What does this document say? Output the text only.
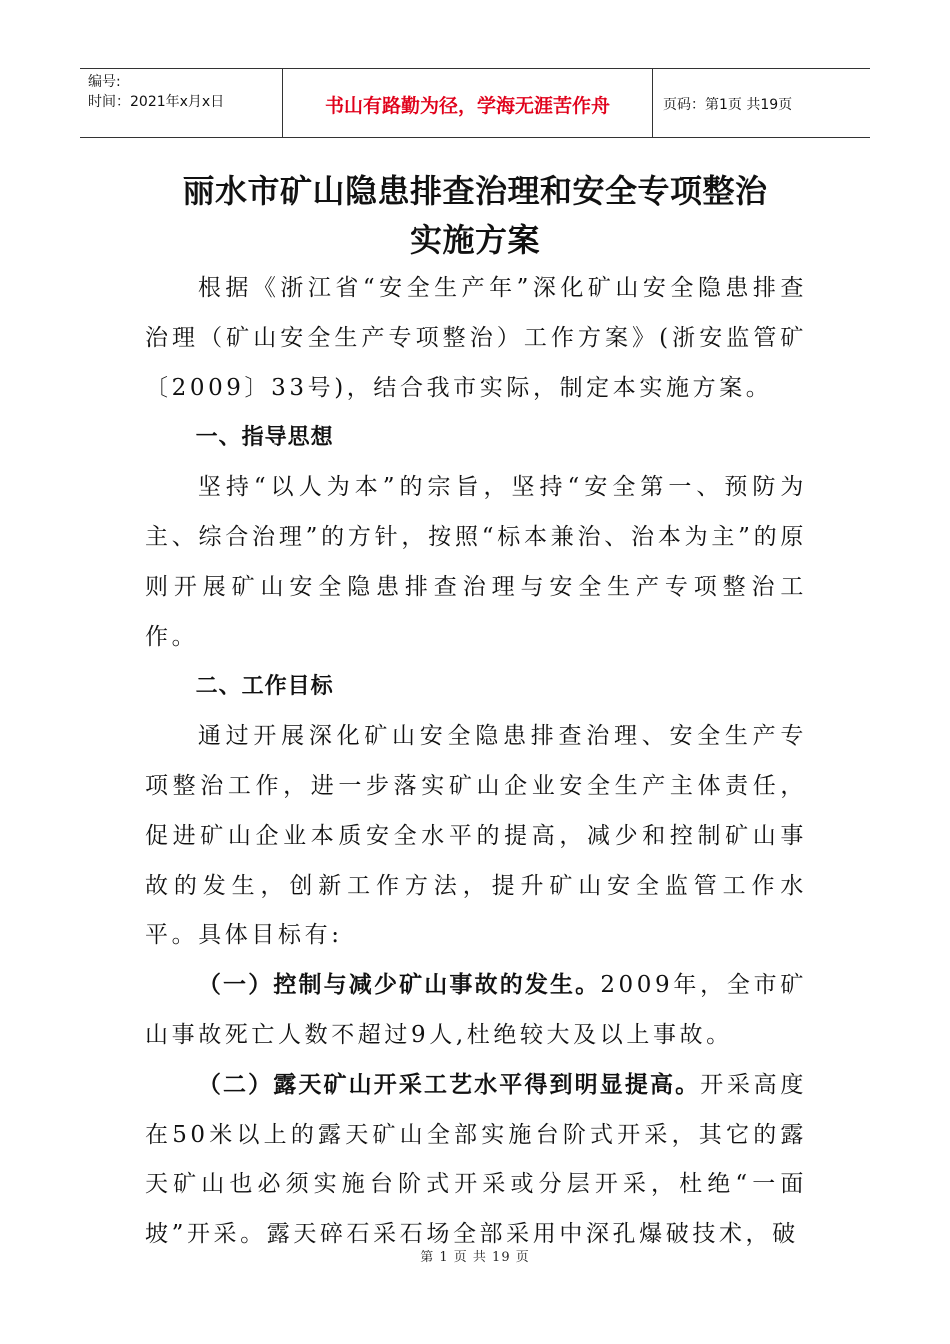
编号:
时间：2021年x月x日	书山有路勤为径，学海无涯苦作舟	页码：第1页 共19页
丽水市矿山隐患排查治理和安全专项整治
实施方案

根据《浙江省“安全生产年”深化矿山安全隐患排查治理（矿山安全生产专项整治）工作方案》(浙安监管矿〔2009〕33号)，结合我市实际，制定本实施方案。

一、指导思想

坚持“以人为本”的宗旨，坚持“安全第一、预防为主、综合治理”的方针，按照“标本兼治、治本为主”的原则开展矿山安全隐患排查治理与安全生产专项整治工作。

二、工作目标

通过开展深化矿山安全隐患排查治理、安全生产专项整治工作，进一步落实矿山企业安全生产主体责任，促进矿山企业本质安全水平的提高，减少和控制矿山事故的发生，创新工作方法，提升矿山安全监管工作水平。具体目标有:

（一）控制与减少矿山事故的发生。2009年，全市矿山事故死亡人数不超过9人,杜绝较大及以上事故。

（二）露天矿山开采工艺水平得到明显提高。开采高度在50米以上的露天矿山全部实施台阶式开采，其它的露天矿山也必须实施台阶式开采或分层开采，杜绝“一面坡”开采。露天碎石采石场全部采用中深孔爆破技术，破

第 1 页 共 19 页
